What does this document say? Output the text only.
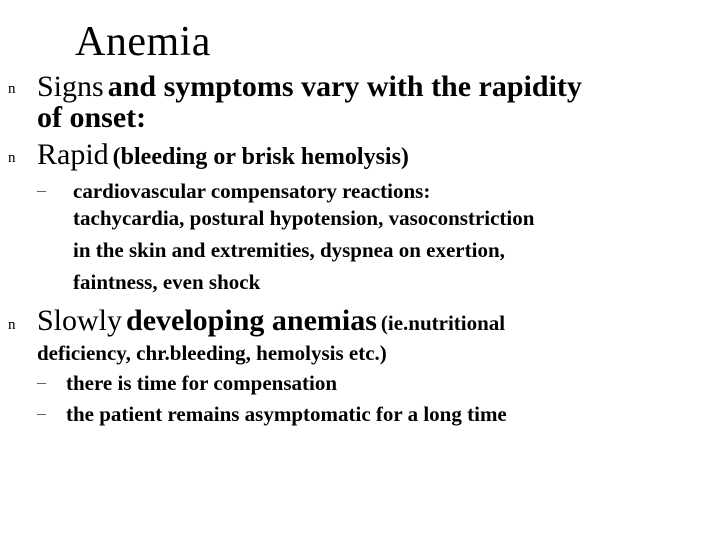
Anemia
n Signs and symptoms vary with the rapidity
of onset:
n Rapid (bleeding or brisk hemolysis)
– cardiovascular compensatory reactions:
tachycardia, postural hypotension, vasoconstriction
in the skin and extremities, dyspnea on exertion,
faintness, even shock
n Slowly developing anemias (ie.nutritional
deficiency, chr.bleeding, hemolysis etc.)
– there is time for compensation
– the patient remains asymptomatic for a long time
